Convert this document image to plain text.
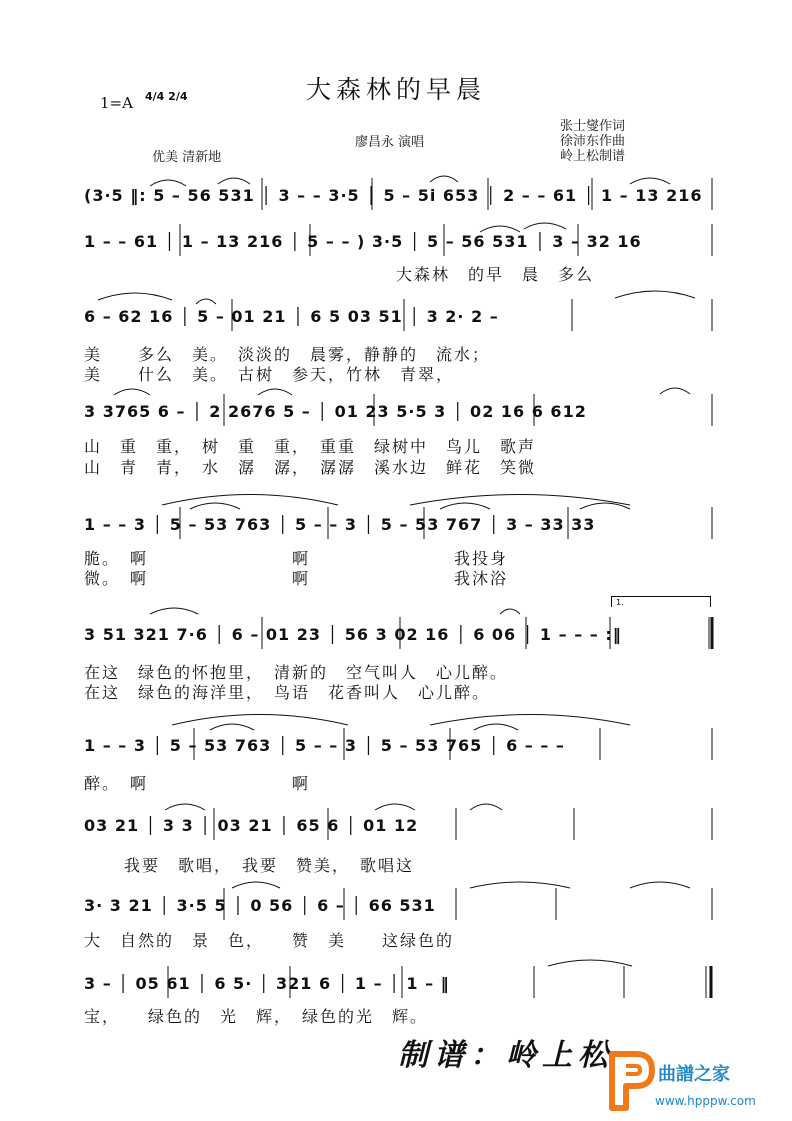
大森林的早晨
1=A 4/4 2/4
优美 清新地
廖昌永 演唱
张士燮作词
徐沛东作曲
岭上松制谱
(3·5 ‖: 5 – 56 531 │ 3 – – 3·5 │ 5 – 5i 653 │ 2 – – 61 │ 1 – 13 216
1 – – 61 │ 1 – 13 216 │ 5 – – ) 3·5 │ 5 – 56 531 │ 3 – 32 16
6 – 62 16 │ 5 – 01 21 │ 6 5 03 51 │ 3 2· 2 –
3 3765 6 – │ 2 2676 5 – │ 01 23 5·5 3 │ 02 16 6 612
1 – – 3 │ 5 – 53 763 │ 5 – – 3 │ 5 – 53 767 │ 3 – 33 33
3 51 321 7·6 │ 6 – 01 23 │ 56 3 02 16 │ 6 06 │ 1 – – – :‖
1 – – 3 │ 5 – 53 763 │ 5 – – 3 │ 5 – 53 765 │ 6 – – –
03 21 │ 3 3 │ 03 21 │ 65 6 │ 01 12
3· 3 21 │ 3·5 5 │ 0 56 │ 6 – │ 66 531
3 – │ 05 61 │ 6 5· │ 321 6 │ 1 – │ 1 – ‖
1.
大森林　的早　晨　多么
美　　多么　美。　淡淡的　晨雾，静静的　流水；
美　　什么　美。　古树　参天，竹林　青翠，
山　重　重，　树　重　重，　重重　绿树中　鸟儿　歌声
山　青　青，　水　潺　潺，　潺潺　溪水边　鲜花　笑微
脆。　啊　　　　　　　　啊　　　　　　　　我投身
微。　啊　　　　　　　　啊　　　　　　　　我沐浴
在这　绿色的怀抱里，　清新的　空气叫人　心儿醉。
在这　绿色的海洋里，　鸟语　花香叫人　心儿醉。
醉。　啊　　　　　　　　啊
我要　歌唱，　我要　赞美，　歌唱这
大　自然的　景　色，　　赞　美　　这绿色的
宝，　　绿色的　光　辉，　绿色的光　辉。
制谱：岭上松
曲譜之家
www.hpppw.com
